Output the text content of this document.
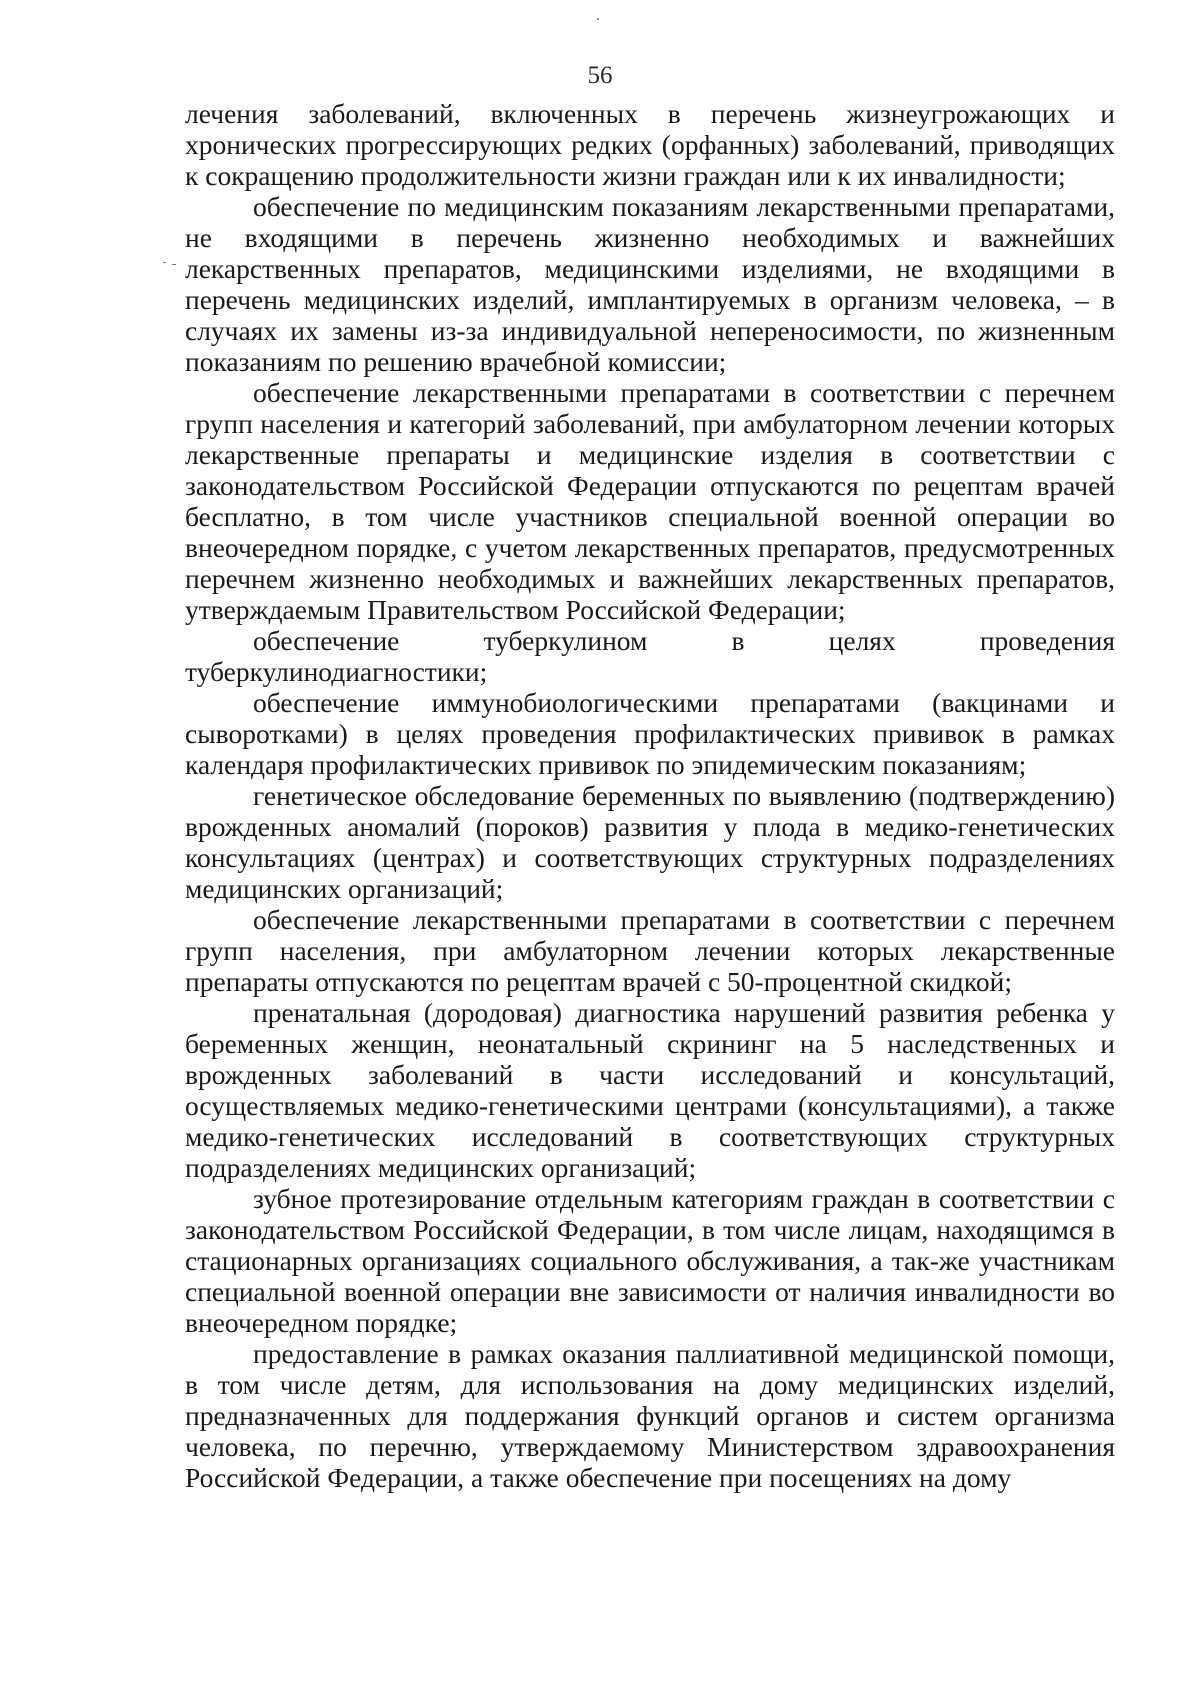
56

лечения заболеваний, включенных в перечень жизнеугрожающих и хронических прогрессирующих редких (орфанных) заболеваний, приводящих к сокращению продолжительности жизни граждан или к их инвалидности;

обеспечение по медицинским показаниям лекарственными препаратами, не входящими в перечень жизненно необходимых и важнейших лекарственных препаратов, медицинскими изделиями, не входящими в перечень медицинских изделий, имплантируемых в организм человека, – в случаях их замены из-за индивидуальной непереносимости, по жизненным показаниям по решению врачебной комиссии;

обеспечение лекарственными препаратами в соответствии с перечнем групп населения и категорий заболеваний, при амбулаторном лечении которых лекарственные препараты и медицинские изделия в соответствии с законодательством Российской Федерации отпускаются по рецептам врачей бесплатно, в том числе участников специальной военной операции во внеочередном порядке, с учетом лекарственных препаратов, предусмотренных перечнем жизненно необходимых и важнейших лекарственных препаратов, утверждаемым Правительством Российской Федерации;

обеспечение туберкулином в целях проведения туберкулинодиагностики;

обеспечение иммунобиологическими препаратами (вакцинами и сыворотками) в целях проведения профилактических прививок в рамках календаря профилактических прививок по эпидемическим показаниям;

генетическое обследование беременных по выявлению (подтверждению) врожденных аномалий (пороков) развития у плода в медико-генетических консультациях (центрах) и соответствующих структурных подразделениях медицинских организаций;

обеспечение лекарственными препаратами в соответствии с перечнем групп населения, при амбулаторном лечении которых лекарственные препараты отпускаются по рецептам врачей с 50-процентной скидкой;

пренатальная (дородовая) диагностика нарушений развития ребенка у беременных женщин, неонатальный скрининг на 5 наследственных и врожденных заболеваний в части исследований и консультаций, осуществляемых медико-генетическими центрами (консультациями), а также медико-генетических исследований в соответствующих структурных подразделениях медицинских организаций;

зубное протезирование отдельным категориям граждан в соответствии с законодательством Российской Федерации, в том числе лицам, находящимся в стационарных организациях социального обслуживания, а так-же участникам специальной военной операции вне зависимости от наличия инвалидности во внеочередном порядке;

предоставление в рамках оказания паллиативной медицинской помощи, в том числе детям, для использования на дому медицинских изделий, предназначенных для поддержания функций органов и систем организма человека, по перечню, утверждаемому Министерством здравоохранения Российской Федерации, а также обеспечение при посещениях на дому
